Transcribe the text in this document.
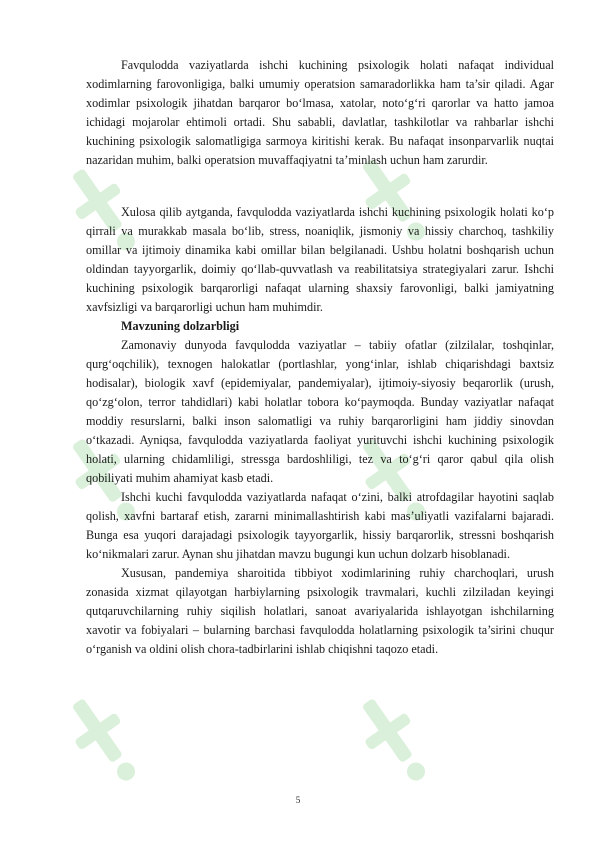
Favqulodda vaziyatlarda ishchi kuchining psixologik holati nafaqat individual xodimlarning farovonligiga, balki umumiy operatsion samaradorlikka ham ta’sir qiladi. Agar xodimlar psixologik jihatdan barqaror bo‘lmasa, xatolar, noto‘g‘ri qarorlar va hatto jamoa ichidagi mojarolar ehtimoli ortadi. Shu sababli, davlatlar, tashkilotlar va rahbarlar ishchi kuchining psixologik salomatligiga sarmoya kiritishi kerak. Bu nafaqat insonparvarlik nuqtai nazaridan muhim, balki operatsion muvaffaqiyatni ta’minlash uchun ham zarurdir.

Xulosa qilib aytganda, favqulodda vaziyatlarda ishchi kuchining psixologik holati ko‘p qirrali va murakkab masala bo‘lib, stress, noaniqlik, jismoniy va hissiy charchoq, tashkiliy omillar va ijtimoiy dinamika kabi omillar bilan belgilanadi. Ushbu holatni boshqarish uchun oldindan tayyorgarlik, doimiy qo‘llab-quvvatlash va reabilitatsiya strategiyalari zarur. Ishchi kuchining psixologik barqarorligi nafaqat ularning shaxsiy farovonligi, balki jamiyatning xavfsizligi va barqarorligi uchun ham muhimdir.

Mavzuning dolzarbligi

Zamonaviy dunyoda favqulodda vaziyatlar – tabiiy ofatlar (zilzilalar, toshqinlar, qurg‘oqchilik), texnogen halokatlar (portlashlar, yong‘inlar, ishlab chiqarishdagi baxtsiz hodisalar), biologik xavf (epidemiyalar, pandemiyalar), ijtimoiy-siyosiy beqarorlik (urush, qo‘zg‘olon, terror tahdidlari) kabi holatlar tobora ko‘paymoqda. Bunday vaziyatlar nafaqat moddiy resurslarni, balki inson salomatligi va ruhiy barqarorligini ham jiddiy sinovdan o‘tkazadi. Ayniqsa, favqulodda vaziyatlarda faoliyat yurituvchi ishchi kuchining psixologik holati, ularning chidamliligi, stressga bardoshliligi, tez va to‘g‘ri qaror qabul qila olish qobiliyati muhim ahamiyat kasb etadi.

Ishchi kuchi favqulodda vaziyatlarda nafaqat o‘zini, balki atrofdagilar hayotini saqlab qolish, xavfni bartaraf etish, zararni minimallashtirish kabi mas’uliyatli vazifalarni bajaradi. Bunga esa yuqori darajadagi psixologik tayyorgarlik, hissiy barqarorlik, stressni boshqarish ko‘nikmalari zarur. Aynan shu jihatdan mavzu bugungi kun uchun dolzarb hisoblanadi.

Xususan, pandemiya sharoitida tibbiyot xodimlarining ruhiy charchoqlari, urush zonasida xizmat qilayotgan harbiylarning psixologik travmalari, kuchli zilziladan keyingi qutqaruvchilarning ruhiy siqilish holatlari, sanoat avariyalarida ishlayotgan ishchilarning xavotir va fobiyalari – bularning barchasi favqulodda holatlarning psixologik ta’sirini chuqur o‘rganish va oldini olish chora-tadbirlarini ishlab chiqishni taqozo etadi.

5
